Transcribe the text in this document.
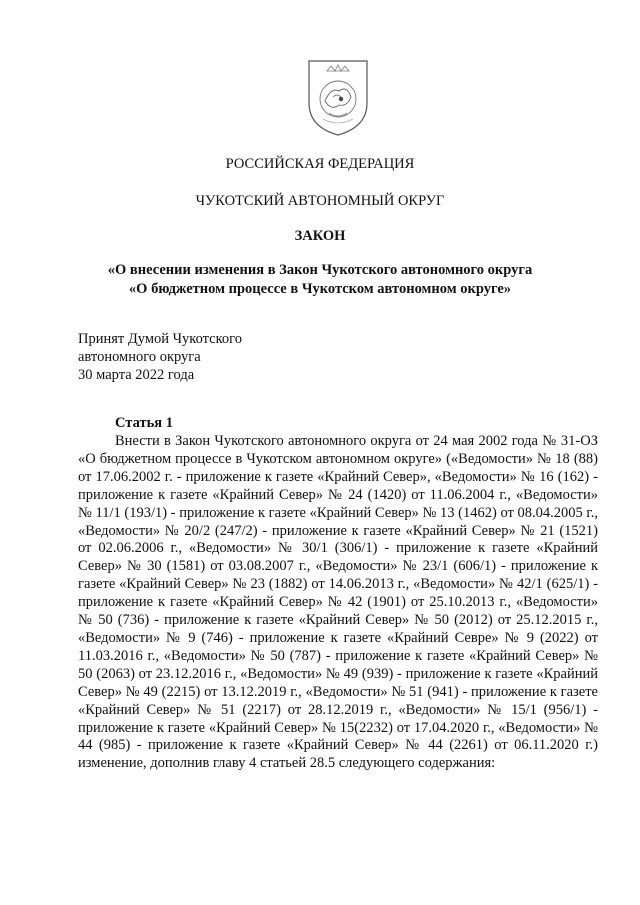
РОССИЙСКАЯ ФЕДЕРАЦИЯ
ЧУКОТСКИЙ АВТОНОМНЫЙ ОКРУГ
ЗАКОН
«О внесении изменения в Закон Чукотского автономного округа
«О бюджетном процессе в Чукотском автономном округе»
Принят Думой Чукотского
автономного округа
30 марта 2022 года
Статья 1

Внести в Закон Чукотского автономного округа от 24 мая 2002 года № 31-ОЗ «О бюджетном процессе в Чукотском автономном округе» («Ведомости» № 18 (88) от 17.06.2002 г. - приложение к газете «Крайний Север», «Ведомости» № 16 (162) - приложение к газете «Крайний Север» № 24 (1420) от 11.06.2004 г., «Ведомости» № 11/1 (193/1) - приложение к газете «Крайний Север» № 13 (1462) от 08.04.2005 г., «Ведомости» № 20/2 (247/2) - приложение к газете «Крайний Север» № 21 (1521) от 02.06.2006 г., «Ведомости» № 30/1 (306/1) - приложение к газете «Крайний Север» № 30 (1581) от 03.08.2007 г., «Ведомости» № 23/1 (606/1) - приложение к газете «Крайний Север» № 23 (1882) от 14.06.2013 г., «Ведомости» № 42/1 (625/1) - приложение к газете «Крайний Север» № 42 (1901) от 25.10.2013 г., «Ведомости» № 50 (736) - приложение к газете «Крайний Север» № 50 (2012) от 25.12.2015 г., «Ведомости» № 9 (746) - приложение к газете «Крайний Севре» № 9 (2022) от 11.03.2016 г., «Ведомости» № 50 (787) - приложение к газете «Крайний Север» № 50 (2063) от 23.12.2016 г., «Ведомости» № 49 (939) - приложение к газете «Крайний Север» № 49 (2215) от 13.12.2019 г., «Ведомости» № 51 (941) - приложение к газете «Крайний Север» № 51 (2217) от 28.12.2019 г., «Ведомости» № 15/1 (956/1) - приложение к газете «Крайний Север» № 15(2232) от 17.04.2020 г., «Ведомости» № 44 (985) - приложение к газете «Крайний Север» № 44 (2261) от 06.11.2020 г.) изменение, дополнив главу 4 статьей 28.5 следующего содержания:
